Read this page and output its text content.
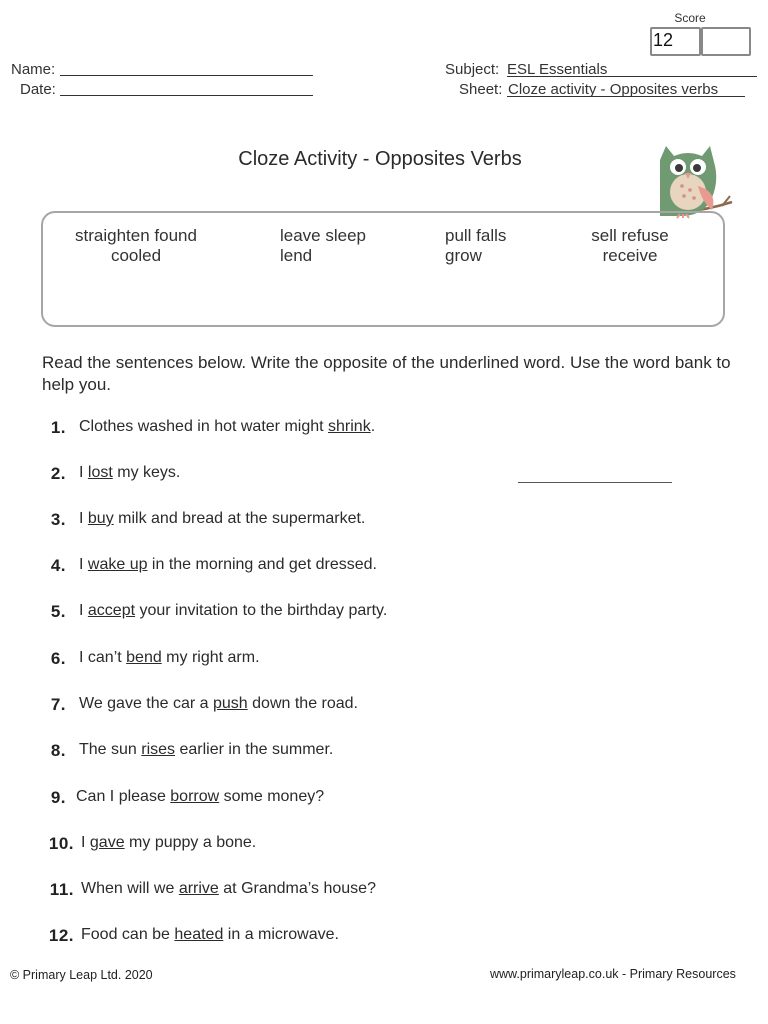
Score
12
Name:
Date:
Subject: ESL Essentials
Sheet: Cloze activity - Opposites verbs
Cloze Activity - Opposites Verbs
straighten found
cooled
leave sleep
lend
pull falls
grow
sell refuse
receive
Read the sentences below. Write the opposite of the underlined word. Use the word bank to help you.
1. Clothes washed in hot water might shrink.
2. I lost my keys.
3. I buy milk and bread at the supermarket.
4. I wake up in the morning and get dressed.
5. I accept your invitation to the birthday party.
6. I can’t bend my right arm.
7. We gave the car a push down the road.
8. The sun rises earlier in the summer.
9. Can I please borrow some money?
10. I gave my puppy a bone.
11. When will we arrive at Grandma’s house?
12. Food can be heated in a microwave.
© Primary Leap Ltd. 2020	www.primaryleap.co.uk - Primary Resources
